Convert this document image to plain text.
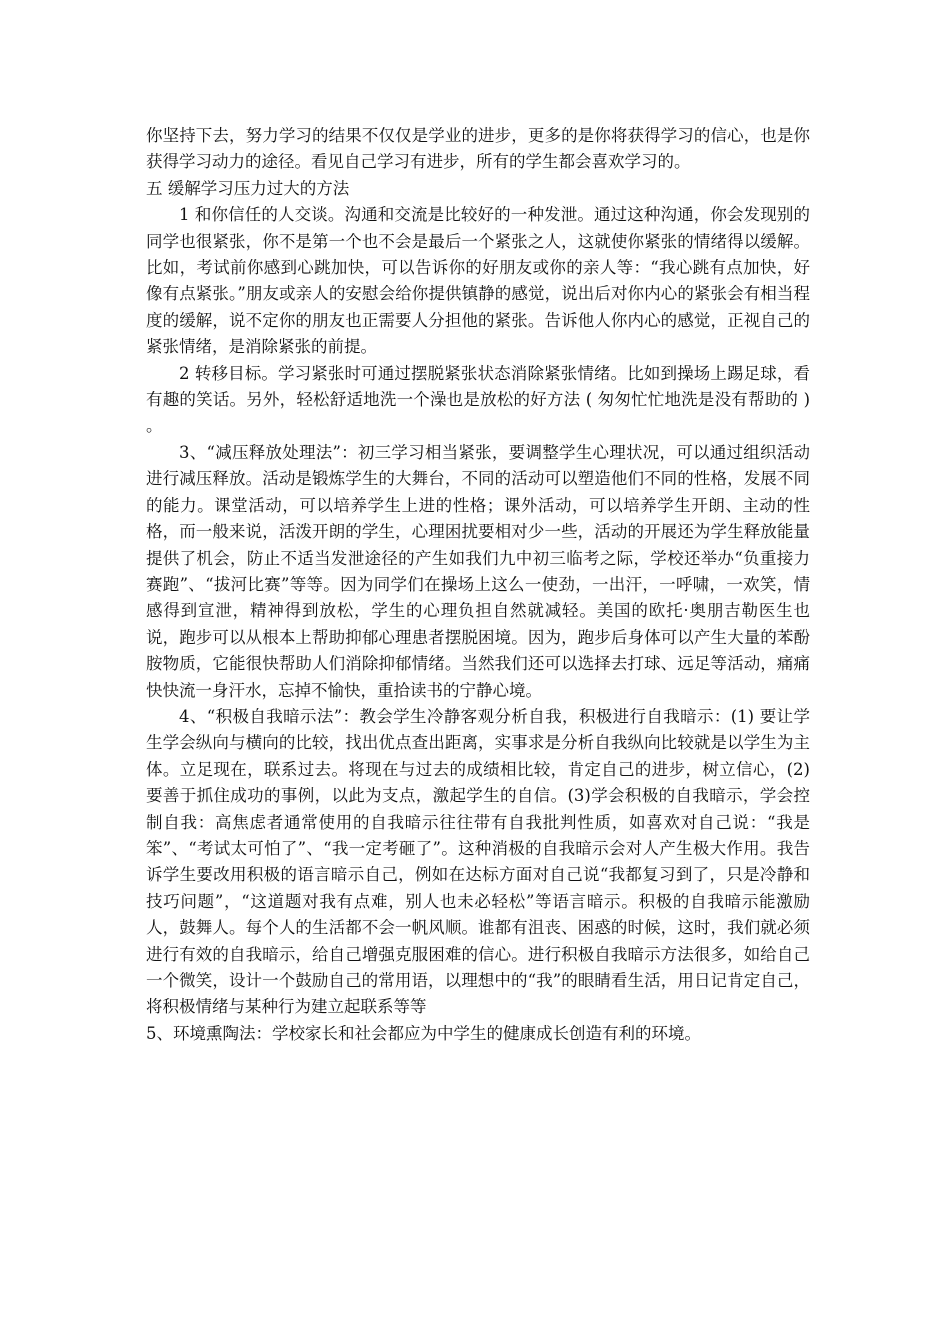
你坚持下去，努力学习的结果不仅仅是学业的进步，更多的是你将获得学习的信心，也是你获得学习动力的途径。看见自己学习有进步，所有的学生都会喜欢学习的。

五 缓解学习压力过大的方法

1 和你信任的人交谈。沟通和交流是比较好的一种发泄。通过这种沟通，你会发现别的同学也很紧张，你不是第一个也不会是最后一个紧张之人，这就使你紧张的情绪得以缓解。比如，考试前你感到心跳加快，可以告诉你的好朋友或你的亲人等：“我心跳有点加快，好像有点紧张。”朋友或亲人的安慰会给你提供镇静的感觉，说出后对你内心的紧张会有相当程度的缓解，说不定你的朋友也正需要人分担他的紧张。告诉他人你内心的感觉，正视自己的紧张情绪，是消除紧张的前提。

2 转移目标。学习紧张时可通过摆脱紧张状态消除紧张情绪。比如到操场上踢足球，看有趣的笑话。另外，轻松舒适地洗一个澡也是放松的好方法 ( 匆匆忙忙地洗是没有帮助的 ) 。

3、“减压释放处理法”：初三学习相当紧张，要调整学生心理状况，可以通过组织活动进行减压释放。活动是锻炼学生的大舞台，不同的活动可以塑造他们不同的性格，发展不同的能力。课堂活动，可以培养学生上进的性格；课外活动，可以培养学生开朗、主动的性格，而一般来说，活泼开朗的学生，心理困扰要相对少一些，活动的开展还为学生释放能量提供了机会，防止不适当发泄途径的产生如我们九中初三临考之际，学校还举办“负重接力赛跑”、“拔河比赛”等等。因为同学们在操场上这么一使劲，一出汗，一呼啸，一欢笑，情感得到宣泄，精神得到放松，学生的心理负担自然就减轻。美国的欧托·奥朋吉勒医生也说，跑步可以从根本上帮助抑郁心理患者摆脱困境。因为，跑步后身体可以产生大量的苯酚胺物质，它能很快帮助人们消除抑郁情绪。当然我们还可以选择去打球、远足等活动，痛痛快快流一身汗水，忘掉不愉快，重拾读书的宁静心境。

4、“积极自我暗示法”：教会学生冷静客观分析自我，积极进行自我暗示：(1) 要让学生学会纵向与横向的比较，找出优点查出距离，实事求是分析自我纵向比较就是以学生为主体。立足现在，联系过去。将现在与过去的成绩相比较，肯定自己的进步，树立信心，(2) 要善于抓住成功的事例，以此为支点，激起学生的自信。(3)学会积极的自我暗示，学会控制自我：高焦虑者通常使用的自我暗示往往带有自我批判性质，如喜欢对自己说：“我是笨”、“考试太可怕了”、“我一定考砸了”。这种消极的自我暗示会对人产生极大作用。我告诉学生要改用积极的语言暗示自己，例如在达标方面对自己说“我都复习到了，只是冷静和技巧问题”，“这道题对我有点难，别人也未必轻松”等语言暗示。积极的自我暗示能激励人，鼓舞人。每个人的生活都不会一帆风顺。谁都有沮丧、困惑的时候，这时，我们就必须进行有效的自我暗示，给自己增强克服困难的信心。进行积极自我暗示方法很多，如给自己一个微笑，设计一个鼓励自己的常用语，以理想中的“我”的眼睛看生活，用日记肯定自己，将积极情绪与某种行为建立起联系等等

5、环境熏陶法：学校家长和社会都应为中学生的健康成长创造有利的环境。
